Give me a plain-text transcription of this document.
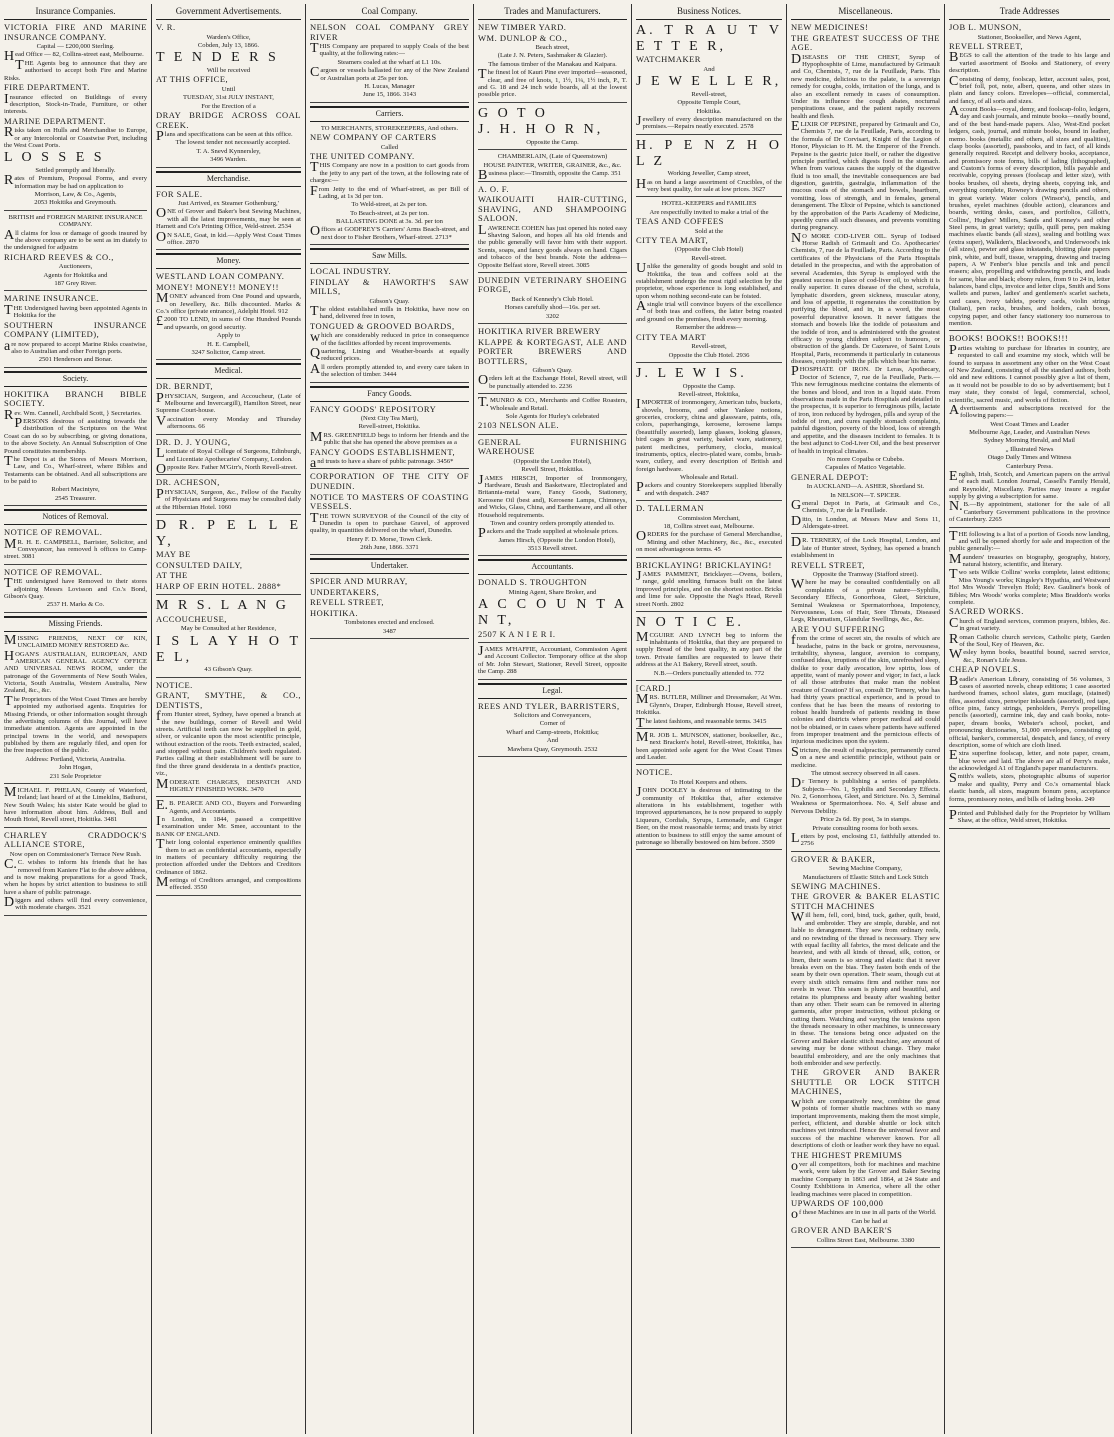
Insurance Companies.

VICTORIA FIRE AND MARINE INSURANCE COMPANY.

Capital — £200,000 Sterling.

Head Office — 82, Collins-street east, Melbourne.

THE Agents beg to announce that they are authorised to accept both Fire and Marine Risks.

FIRE DEPARTMENT.

Insurance effected on Buildings of every description, Stock-in-Trade, Furniture, or other interests.

MARINE DEPARTMENT.

Risks taken on Hulls and Merchandise to Europe, or any Intercolonial or Coastwise Port, including the West Coast Ports.

L O S S E S

Settled promptly and liberally.

Rates of Premium, Proposal Forms, and every information may be had on application to

Morrison, Law, & Co., Agents,

2053 Hokitika and Greymouth.

BRITISH and FOREIGN MARINE INSURANCE COMPANY.

All claims for loss or damage of goods insured by the above company are to be sent as im diately to the undersigned for adjustm

RICHARD REEVES & CO.,

Auctioneers,

Agents for Hokitika and

187 Grey River.

MARINE INSURANCE.

THE Undersigned having been appointed Agents in Hokitika for the

SOUTHERN INSURANCE COMPANY (LIMITED),

are now prepared to accept Marine Risks coastwise, also to Australian and other Foreign ports.

2501 Henderson and Bonar.

Society.

HOKITIKA BRANCH BIBLE SOCIETY.

Rev. Wm. Cannell, Archibald Scott, } Secretaries.

PERSONS desirous of assisting towards the distribution of the Scriptures on the West Coast can do so by subscribing, or giving donations, to the above Society. An Annual Subscription of One Pound constitutes membership.

The Depot is at the Stores of Messrs Morrison, Law, and Co., Wharf-street, where Bibles and Testaments can be obtained. And all subscriptions are to be paid to

Robert Macintyre,

2545 Treasurer.

Notices of Removal.

NOTICE OF REMOVAL.

MR. H. E. CAMPBELL, Barrister, Solicitor, and Conveyancer, has removed h offices to Camp-street. 3081

NOTICE OF REMOVAL.

THE undersigned have Removed to their stores adjoining Messrs Lovisson and Co.'s Bond, Gibson's Quay.

2537 H. Marks & Co.

Missing Friends.

MISSING FRIENDS, NEXT OF KIN, UNCLAIMED MONEY RESTORED &c.

HOGAN'S AUSTRALIAN, EUROPEAN, AND AMERICAN GENERAL AGENCY OFFICE AND UNIVERSAL NEWS ROOM, under the patronage of the Governments of New South Wales, Victoria, South Australia, Western Australia, New Zealand, &c., &c.

The Proprietors of the West Coast Times are hereby appointed my authorised agents. Enquiries for Missing Friends, or other information sought through the advertising columns of this Journal, will have immediate attention. Agents are appointed in the principal towns in the world, and newspapers published by them are regularly filed, and open for the free inspection of the public.

Address: Portland, Victoria, Australia.

John Hogan,

231 Sole Proprietor

MICHAEL F. PHELAN, County of Waterford, Ireland; last heard of at the Limekilns, Bathurst, New South Wales; his sister Kate would be glad to have information about him. Address, Bull and Mouth Hotel, Revell street, Hokitika. 3481

CHARLEY CRADDOCK'S ALLIANCE STORE,

Now open on Commissioner's Terrace New Rush.

C.C. wishes to inform his friends that he has removed from Kaniere Flat to the above address, and is now making preparations for a good Track, when he hopes by strict attention to business to still have a share of public patronage.

Diggers and others will find every convenience, with moderate charges. 3521

Government Advertisements.

V. R.

Warden's Office,

Cobden, July 13, 1866.

T E N D E R S

Will be received

AT THIS OFFICE,

Until

TUESDAY, 31st JULY INSTANT,

For the Erection of a

DRAY BRIDGE ACROSS COAL CREEK.

Plans and specifications can be seen at this office.

The lowest tender not necessarily accepted.

T. A. Snevd Kynnersley,

3496 Warden.

Merchandise.

FOR SALE.

Just Arrived, ex Steamer Gothenburg,'

ONE of Grover and Baker's best Sewing Machines, with all the latest improvements, may be seen at Harnett and Co's Printing Office, Weld-street. 2534

ON SALE, Goat, in kid.—Apply West Coast Times office. 2870

Money.

WESTLAND LOAN COMPANY.

MONEY! MONEY!! MONEY!!

MONEY advanced from One Pound and upwards, on Jewellery, &c. Bills discounted. Marks & Co.'s office (private entrance), Adelphi Hotel. 912

£2000 TO LEND, in sums of One Hundred Pounds and upwards, on good security.

Apply to

H. E. Campbell,

3247 Solicitor, Camp street.

Medical.

DR. BERNDT,

PHYSICIAN, Surgeon, and Accoucheur, (Late of Melbourne and Invercargill), Hamilton Street, near Supreme Court-house.

Vaccination every Monday and Thursday afternoons. 66

DR. D. J. YOUNG,

Licentiate of Royal College of Surgeons, Edinburgh, and Licentiate Apothecaries' Company, London.

Opposite Rev. Father M'Girr's, North Revell-street.

DR. ACHESON,

PHYSICIAN, Surgeon, &c., Fellow of the Faculty of Physicians and Surgeons may be consulted daily at the Hibernian Hotel. 1060

D R. P E L L E Y,

MAY BE

CONSULTED DAILY,

AT THE

HARP OF ERIN HOTEL. 2888*

M R S. L A N G

ACCOUCHEUSE,

May be Consulted at her Residence,

I S L A Y H O T E L,

43 Gibson's Quay.

NOTICE.

GRANT, SMYTHE, & CO., DENTISTS,

from Hunter street, Sydney, have opened a branch at the new buildings, corner of Revell and Weld streets. Artificial teeth can now be supplied in gold, silver, or vulcanite upon the most scientific principle, without extraction of the roots. Teeth extracted, scaled, and stopped without pain. Children's teeth regulated. Parties calling at their establishment will be sure to find the three grand desiderata in a dentist's practice, viz.,

MODERATE CHARGES, DESPATCH AND HIGHLY FINISHED WORK. 3470

E.B. PEARCE AND CO., Buyers and Forwarding Agents, and Accountants.

In London, in 1844, passed a competitive examination under Mr. Smee, accountant to the BANK OF ENGLAND.

Their long colonial experience eminently qualifies them to act as confidential accountants, especially in matters of pecuniary difficulty requiring the protection afforded under the Debtors and Creditors Ordinance of 1862.

Meetings of Creditors arranged, and compositions effected. 3550

Coal Company.

NELSON COAL COMPANY GREY RIVER

THIS Company are prepared to supply Coals of the best quality, at the following rates:—

Steamers coaled at the wharf at L1 10s.

Cargoes or vessels ballasted for any of the New Zealand or Australian ports at 25s per ton.

H. Lucas, Manager

June 15, 1866. 3143

Carriers.

TO MERCHANTS, STOREKEEPERS, And others.

NEW COMPANY OF CARTERS

Called

THE UNITED COMPANY.

THIS Company are now in a position to cart goods from the jetty to any part of the town, at the following rate of charges:—

From Jetty to the end of Wharf-street, as per Bill of Lading, at 1s 3d per ton.

To Weld-street, at 2s per ton.

To Beach-street, at 2s per ton.

BALLASTING DONE at 3s. 3d. per ton

Offices at GODFREY'S Carriers' Arms Beach-street, and next door to Fisher Brothers, Wharf-street. 2713*

Saw Mills.

LOCAL INDUSTRY.

FINDLAY & HAWORTH'S SAW MILLS,

Gibson's Quay.

The oldest established mills in Hokitika, have now on hand, delivered free in town,

TONGUED & GROOVED BOARDS,

which are considerably reduced in price in consequence of the facilities afforded by recent improvements.

Quartering, Lining and Weather-boards at equally reduced prices.

All orders promptly attended to, and every care taken in the selection of timber. 3444

Fancy Goods.

FANCY GOODS' REPOSITORY

(Next City Tea Mart),

Revell-street, Hokitika.

MRS. GREENFIELD begs to inform her friends and the public that she has opened the above premises as a

FANCY GOODS ESTABLISHMENT,

and trusts to have a share of public patronage. 3456*

CORPORATION OF THE CITY OF DUNEDIN.

NOTICE TO MASTERS OF COASTING VESSELS.

THE TOWN SURVEYOR of the Council of the city of Dunedin is open to purchase Gravel, of approved quality, in quantities delivered on the wharf, Dunedin.

Henry F. D. Morse, Town Clerk.

26th June, 1866. 3371

Undertaker.

SPICER AND MURRAY,

UNDERTAKERS,

REVELL STREET,

HOKITIKA.

Tombstones erected and enclosed.

3487

Trades and Manufacturers.

NEW TIMBER YARD.

WM. DUNLOP & CO.,

Beach street,

(Late J. N. Peters, Sashmaker & Glazier).

The famous timber of the Manakau and Kaipara.

The finest lot of Kauri Pine ever imported—seasoned, clear, and free of knots, 1, 1½, 1¼, 1½ inch, P., T. and G. 18 and 24 inch wide boards, all at the lowest possible price.

G O T O

J. H. H O R N,

Opposite the Camp.

CHAMBERLAIN, (Late of Queenstown)

HOUSE PAINTER, WRITER, GRAINER, &c., &c.

Business place:—Tinsmith, opposite the Camp. 351

A. O. F.

WAIKOUAITI HAIR-CUTTING, SHAVING, AND SHAMPOOING SALOON.

LAWRENCE COHEN has just opened his noted easy Shaving Saloon, and hopes all his old friends and the public generally will favor him with their support. Scents, soaps, and fancy goods always on hand. Cigars and tobacco of the best brands. Note the address—Opposite Belfast store, Revell street. 3085

DUNEDIN VETERINARY SHOEING FORGE,

Back of Kennedy's Club Hotel.

Horses carefully shod—16s. per set.

3202

HOKITIKA RIVER BREWERY

KLAPPE & KORTEGAST, ALE AND PORTER BREWERS AND BOTTLERS,

Gibson's Quay.

Orders left at the Exchange Hotel, Revell street, will be punctually attended to. 2236

T.MUNRO & CO., Merchants and Coffee Roasters, Wholesale and Retail.

Sole Agents for Hurley's celebrated

2103 NELSON ALE.

GENERAL FURNISHING WAREHOUSE

(Opposite the London Hotel),

Revell Street, Hokitika.

JAMES HIRSCH, Importer of Ironmongery, Hardware, Brush and Basketware, Electroplated and Britannia-metal ware, Fancy Goods, Stationery, Kerosene Oil (best and), Kerosene Lamps, Chimneys, and Wicks, Glass, China, and Earthenware, and all other Household requirements.

Town and country orders promptly attended to.

Packers and the Trade supplied at wholesale prices.

James Hirsch, (Opposite the London Hotel),

3513 Revell street.

Accountants.

DONALD S. TROUGHTON

Mining Agent, Share Broker, and

A C C O U N T A N T,

2507 K A N I E R I.

JAMES M'HAFFIE, Accountant, Commission Agent and Account Collector. Temporary office at the shop of Mr. John Stewart, Stationer, Revell Street, opposite the Camp. 288

Legal.

REES AND TYLER, BARRISTERS,

Solicitors and Conveyancers,

Corner of

Wharf and Camp-streets, Hokitika;

And

Mawhera Quay, Greymouth. 2532

Business Notices.

A. T R A U T V E T T E R,

WATCHMAKER

And

J E W E L L E R,

Revell-street,

Opposite Temple Court,

Hokitika.

Jewellery of every description manufactured on the premises.—Repairs neatly executed. 2578

H. P E N Z H O L Z

Working Jeweller, Camp street,

Has on hand a large assortment of Crucibles, of the very best quality, for sale at low prices. 3627

HOTEL-KEEPERS and FAMILIES

Are respectfully invited to make a trial of the

TEAS AND COFFEES

Sold at the

CITY TEA MART,

(Opposite the Club Hotel)

Revell-street.

Unlike the generality of goods bought and sold in Hokitika, the teas and coffees sold at the establishment undergo the most rigid selection by the proprietor, whose experience is long established, and upon whom nothing second-rate can be foisted.

Asingle trial will convince buyers of the excellence of both teas and coffees, the latter being roasted and ground on the premises, fresh every morning.

Remember the address—

CITY TEA MART

Revell-street,

Opposite the Club Hotel. 2936

J. L E W I S.

Opposite the Camp.

Revell-street, Hokitika,

IMPORTER of ironmongery, American tubs, buckets, shovels, brooms, and other Yankee notions, groceries, crockery, china and glassware, paints, oils, colors, paperhangings, kerosene, kerosene lamps (beautifully assorted), lamp glasses, looking glasses, bird cages in great variety, basket ware, stationery, patent medicines, perfumery, clocks, musical instruments, optics, electro-plated ware, combs, brush-ware, cutlery, and every description of British and foreign hardware.

Wholesale and Retail.

Packers and country Storekeepers supplied liberally and with despatch. 2487

D. TALLERMAN

Commission Merchant,

18, Collins street east, Melbourne.

ORDERS for the purchase of General Merchandise, Mining and other Machinery, &c., &c., executed on most advantageous terms. 45

BRICKLAYING! BRICKLAYING!

JAMES PAMMENT, Bricklayer.—Ovens, boilers, range, gold smelting furnaces built on the latest improved principles, and on the shortest notice. Bricks and lime for sale. Opposite the Nag's Head, Revell street North. 2802

N O T I C E.

MCGUIRE AND LYNCH beg to inform the inhabitants of Hokitika, that they are prepared to supply Bread of the best quality, in any part of the town. Private families are requested to leave their address at the A1 Bakery, Revell street, south.

N.B.—Orders punctually attended to. 772

[CARD.]

MRS. BUTLER, Milliner and Dressmaker, At Wm. Glynn's, Draper, Edinburgh House, Revell street, Hokitika.

The latest fashions, and reasonable terms. 3415

MR. JOB L. MUNSON, stationer, bookseller, &c., next Bracken's hotel, Revell-street, Hokitika, has been appointed sole agent for the West Coast Times and Leader.

NOTICE.

To Hotel Keepers and others.

JOHN DOOLEY is desirous of intimating to the community of Hokitika that, after extensive alterations in his establishment, together with improved appurtenances, he is now prepared to supply Liqueurs, Cordials, Syrups, Lemonade, and Ginger Beer, on the most reasonable terms; and trusts by strict attention to business to still enjoy the same amount of patronage so liberally bestowed on him before. 3509

Miscellaneous.

NEW MEDICINES!

THE GREATEST SUCCESS OF THE AGE.

DISEASES OF THE CHEST, Syrup of Hypophosphite of Lime, manufactured by Grimault and Co, Chemists, 7, rue de la Feuillade, Paris. This new medicine, delicious to the palate, is a sovereign remedy for coughs, colds, irritation of the lungs, and is also an excellent remedy in cases of consumption. Under its influence the cough abates, nocturnal perspirations cease, and the patient rapidly recovers health and flesh.

ELIXIR OF PEPSINE, prepared by Grimault and Co, Chemists 7, rue de la Feuillade, Paris, according to the formula of Dr Corvisart, Knight of the Legion of Honor, Physician to H. M. the Emperor of the French. Pepsine is the gastric juice itself, or rather the digestive principle purified, which digests food in the stomach. When from various causes the supply of the digestive fluid is too small, the inevitable consequences are bad digestion, gastritis, gastralgia, inflammation of the mucous coats of the stomach and bowels, heartburn, vomiting, loss of strength, and in females, general derangement. The Elixir of Pepsine, which is sanctioned by the approbation of the Paris Academy of Medicine, speedily cures all such diseases, and prevents vomiting during pregnancy.

NO MORE COD-LIVER OIL. Syrup of Iodised Horse Radish of Grimault and Co. Apothecaries' Chemists, 7, rue de la Feuillade, Paris. According to the certificates of the Physicians of the Paris Hospitals detailed in the prospectus, and with the approbation of several Academies, this Syrup is employed with the greatest success in place of cod-liver oil, to which it is really superior. It cures disease of the chest, scrofula, lymphatic disorders, green sickness, muscular atony, and loss of appetite, it regenerates the constitution by purifying the blood, and in, in a word, the most powerful depurative known. It never fatigues the stomach and bowels like the iodide of potassium and the iodide of iron, and is administered with the greatest efficacy to young children subject to humours, or obstruction of the glands. Dr Cazenave, of Saint Louis Hospital, Paris, recommends it particularly in cutaneous diseases, conjointly with the pills which bear his name.

PHOSPHATE OF IRON. Dr Leras, Apothecary, Doctor of Science, 7, rue de la Feuillade, Paris.—This new ferruginous medicine contains the elements of the bones and blood, and iron in a liquid state. From observations made in the Paris Hospitals and detailed in the prospectus, it is superior to ferruginous pills, lactate of iron, iron reduced by hydrogen, pills and syrup of the iodide of iron, and cures rapidly stomach complaints, painful digestion, poverty of the blood, loss of strength and appetite, and the diseases incident to females. It is the best adjunct to Cod-Liver Oil, and the best preserver of health in tropical climates.

No more Copaiba or Cubebs.

Capsules of Matico Vegetable.

GENERAL DEPOT:

In AUCKLAND—A. ASHER, Shortland St.

In NELSON—T. SPICER.

General Depot in Paris, at Grimault and Co., Chemists, 7, rue de la Feuillade.

Ditto, in London, at Messrs Maw and Sons 11, Aldersgate-street.

DR. TERNERY, of the Lock Hospital, London, and late of Hunter street, Sydney, has opened a branch establishment in

REVELL STREET,

Opposite the Tramway (Stafford street).

Where he may be consulted confidentially on all complaints of a private nature—Syphilis, Secondary Effects, Gonorrhoea, Gleet, Stricture, Seminal Weakness or Spermatorrhoea, Impotency, Nervousness, Loss of Hair, Sore Throats, Diseased Legs, Rheumatism, Glandular Swellings, &c., &c.

ARE YOU SUFFERING

from the crime of secret sin, the results of which are headache, pains in the back or groins, nervousness, irritability, shyness, languor, aversion to company, confused ideas, irruptions of the skin, unrefreshed sleep, dislike to your daily avocation, low spirits, loss of appetite, want of manly power and vigor; in fact, a lack of all those attributes that make man the noblest creature of Creation? If so, consult Dr Ternery, who has had thirty years practical experience, and is proud to confess that he has been the means of restoring to robust health hundreds of patients residing in these colonies and districts where proper medical aid could not be obtained, or in cases where patients have suffered from improper treatment and the pernicious effects of injurious medicines upon the system.

Stricture, the result of malpractice, permanently cured on a new and scientific principle, without pain or medicine.

The utmost secrecy observed in all cases.

Dr Ternery is publishing a series of pamphlets. Subjects—No. 1, Syphilis and Secondary Effects. No. 2, Gonorrhoea, Gleet, and Stricture. No. 3, Seminal Weakness or Spermatorrhoea. No. 4, Self abuse and Nervous Debility.

Price 2s 6d. By post, 3s in stamps.

Private consulting rooms for both sexes.

Letters by post, enclosing £1, faithfully attended to. 2756

GROVER & BAKER,

Sewing Machine Company,

Manufacturers of Elastic Stitch and Lock Stitch

SEWING MACHINES.

THE GROVER & BAKER ELASTIC STITCH MACHINES

Will hem, fell, cord, bind, tuck, gather, quilt, braid, and embroider. They are simple, durable, and not liable to derangement. They sew from ordinary reels, and no rewinding of the thread is necessary. They sew with equal facility all fabrics, the most delicate and the heaviest, and with all kinds of thread, silk, cotton, or linen, their seam is so strong and elastic that it never breaks even on the bias. They fasten both ends of the seam by their own operation. Their seam, though cut at every sixth stitch remains firm and neither runs nor ravels in wear. This seam is plump and beautiful, and retains its plumpness and beauty after washing better than any other. Their seam can be removed in altering garments, after proper instruction, without picking or cutting them. Watching and varying the tensions upon the threads necessary in other machines, is unnecessary in these. The tensions being once adjusted on the Grover and Baker elastic stitch machine, any amount of sewing may be done without change. They make beautiful embroidery, and are the only machines that both embroider and sew perfectly.

THE GROVER AND BAKER SHUTTLE OR LOCK STITCH MACHINES,

which are comparatively new, combine the great points of former shuttle machines with so many important improvements, making them the most simple, perfect, efficient, and durable shuttle or lock stitch machines yet introduced. Hence the universal favor and success of the machine wherever known. For all descriptions of cloth or leather work they have no equal.

THE HIGHEST PREMIUMS

over all competitors, both for machines and machine work, were taken by the Grover and Baker Sewing machine Company in 1863 and 1864, at 24 State and County Exhibitions in America, where all the other leading machines were placed in competition.

UPWARDS OF 100,000

of these Machines are in use in all parts of the World.

Can be had at

GROVER AND BAKER'S

Collins Street East, Melbourne. 3380

Trade Addresses

JOB L. MUNSON,

Stationer, Bookseller, and News Agent,

REVELL STREET,

BEGS to call the attention of the trade to his large and varied assortment of Books and Stationery, of every description.

Consisting of demy, foolscap, letter, account sales, post, brief foll, pot, note, albert, queens, and other sizes in plain and fancy colors. Envelopes—official, commercial, and fancy, of all sorts and sizes.

Account Books—royal, demy, and foolscap-folio, ledgers, day and cash journals, and minute books—neatly bound, and of the best hand-made papers. Also, West-End pocket ledgers, cash, journal, and minute books, bound in leather, memo. books (metallic and others, all sizes and qualities), clasp books (assorted), passbooks, and in fact, of all kinds generally required. Receipt and delivery books, acceptance, and promissory note forms, bills of lading (lithographed), and Custom's forms of every description, bills payable and receivable, copying presses (foolscap and letter size), with books brushes, oil sheets, drying sheets, copying ink, and everything complete, Rowney's drawing pencils and others, in great variety. Water colors (Winsor's), pencils, and brushes, eyelet machines (double action), clearances and boards, writing desks, cases, and portfolios, Gillott's, Collins', Hughes' Millers, Sands and Kenney's and other Steel pens, in great variety; quills, quill pens, pen making machines elastic bands (all sizes), sealing and bottling wax (extra super), Walkden's, Blackwood's, and Underwood's ink (all sizes), pewter and glass inkstands, blotting plate papers pink, white, and buff, tissue, wrapping, drawing and tracing papers, A W Fenber's blue pencils and ink and pencil erasers; also, propelling and withdrawing pencils, and leads for same, blue and black; ebony rulers, from 9 to 24 in, letter balances, band clips, invoice and letter clips, Smith and Sons wallets and purses, ladies' and gentlemen's scarlet sachets, card cases, ivory tablets, poetry cards, violin strings (Italian), pen racks, brushes, and holders, cash boxes, copying paper, and other fancy stationery too numerous to mention.

BOOKS! BOOKS!! BOOKS!!!

Parties wishing to purchase for libraries in country, are requested to call and examine my stock, which will be found to surpass in assortment any other on the West Coast of New Zealand, consisting of all the standard authors, both old and new editions. I cannot possibly give a list of them, as it would not be possible to do so by advertisement; but I may state, they consist of legal, commercial, school, scientific, sacred music, and works of fiction.

Advertisements and subscriptions received for the following papers:—

West Coast Times and Leader

Melbourne Age, Leader, and Australian News

Sydney Morning Herald, and Mail

„ Illustrated News

Otago Daily Times and Witness

Canterbury Press.

English, Irish, Scotch, and American papers on the arrival of each mail. London Journal, Cassell's Family Herald, and Reynolds', Miscellany. Parties may insure a regular supply by giving a subscription for same.

N.B.—By appointment, stationer for the sale of all Canterbury Government publications in the province of Canterbury. 2265

THE following is a list of a portion of Goods now landing, and will be opened shortly for sale and inspection of the public generally:—

Maunders' treasuries on biography, geography, history, natural history, scientific, and literary.

Two sets Wilkie Collins' works complete, latest editions; Miss Young's works; Kingsley's Hypathia, and Westward Ho! Mrs Woods' Trevelyn Hold; Rev. Gauliner's book of Bibles; Mrs Woods' works complete; Miss Braddon's works complete.

SACRED WORKS.

Church of England services, common prayers, bibles, &c. in great variety.

Roman Catholic church services, Catholic piety, Garden of the Soul, Key of Heaven, &c.

Wesley hymn books, beautiful bound, sacred service, &c., Ronan's Life Jesus.

CHEAP NOVELS.

Beadle's American Library, consisting of 56 volumes, 3 cases of assorted novels, cheap editions; 1 case assorted hardwood frames, school slates, gum mucilage, (stained) files, assorted sizes, penwiper inkstands (assorted), red tape, office pins, fancy strings, penholders, Perry's propelling pencils (assorted), carmine ink, day and cash books, note-paper, dream books, Webster's school, pocket, and pronouncing dictionaries, 51,000 envelopes, consisting of official, banker's, commercial, despatch, and fancy, of every description, some of which are cloth lined.

Extra superfine foolscap, letter, and note paper, cream, blue wove and laid. The above are all of Perry's make, the acknowledged A1 of England's paper manufacturers.

Smith's wallets, sizes, photographic albums of superior make and quality, Perry and Co.'s ornamental black elastic bands, all sizes, magnum bonum pens, acceptance forms, promissory notes, and bills of lading books. 249

Printed and Published daily for the Proprietor by William Shaw, at the office, Weld street, Hokitika.
